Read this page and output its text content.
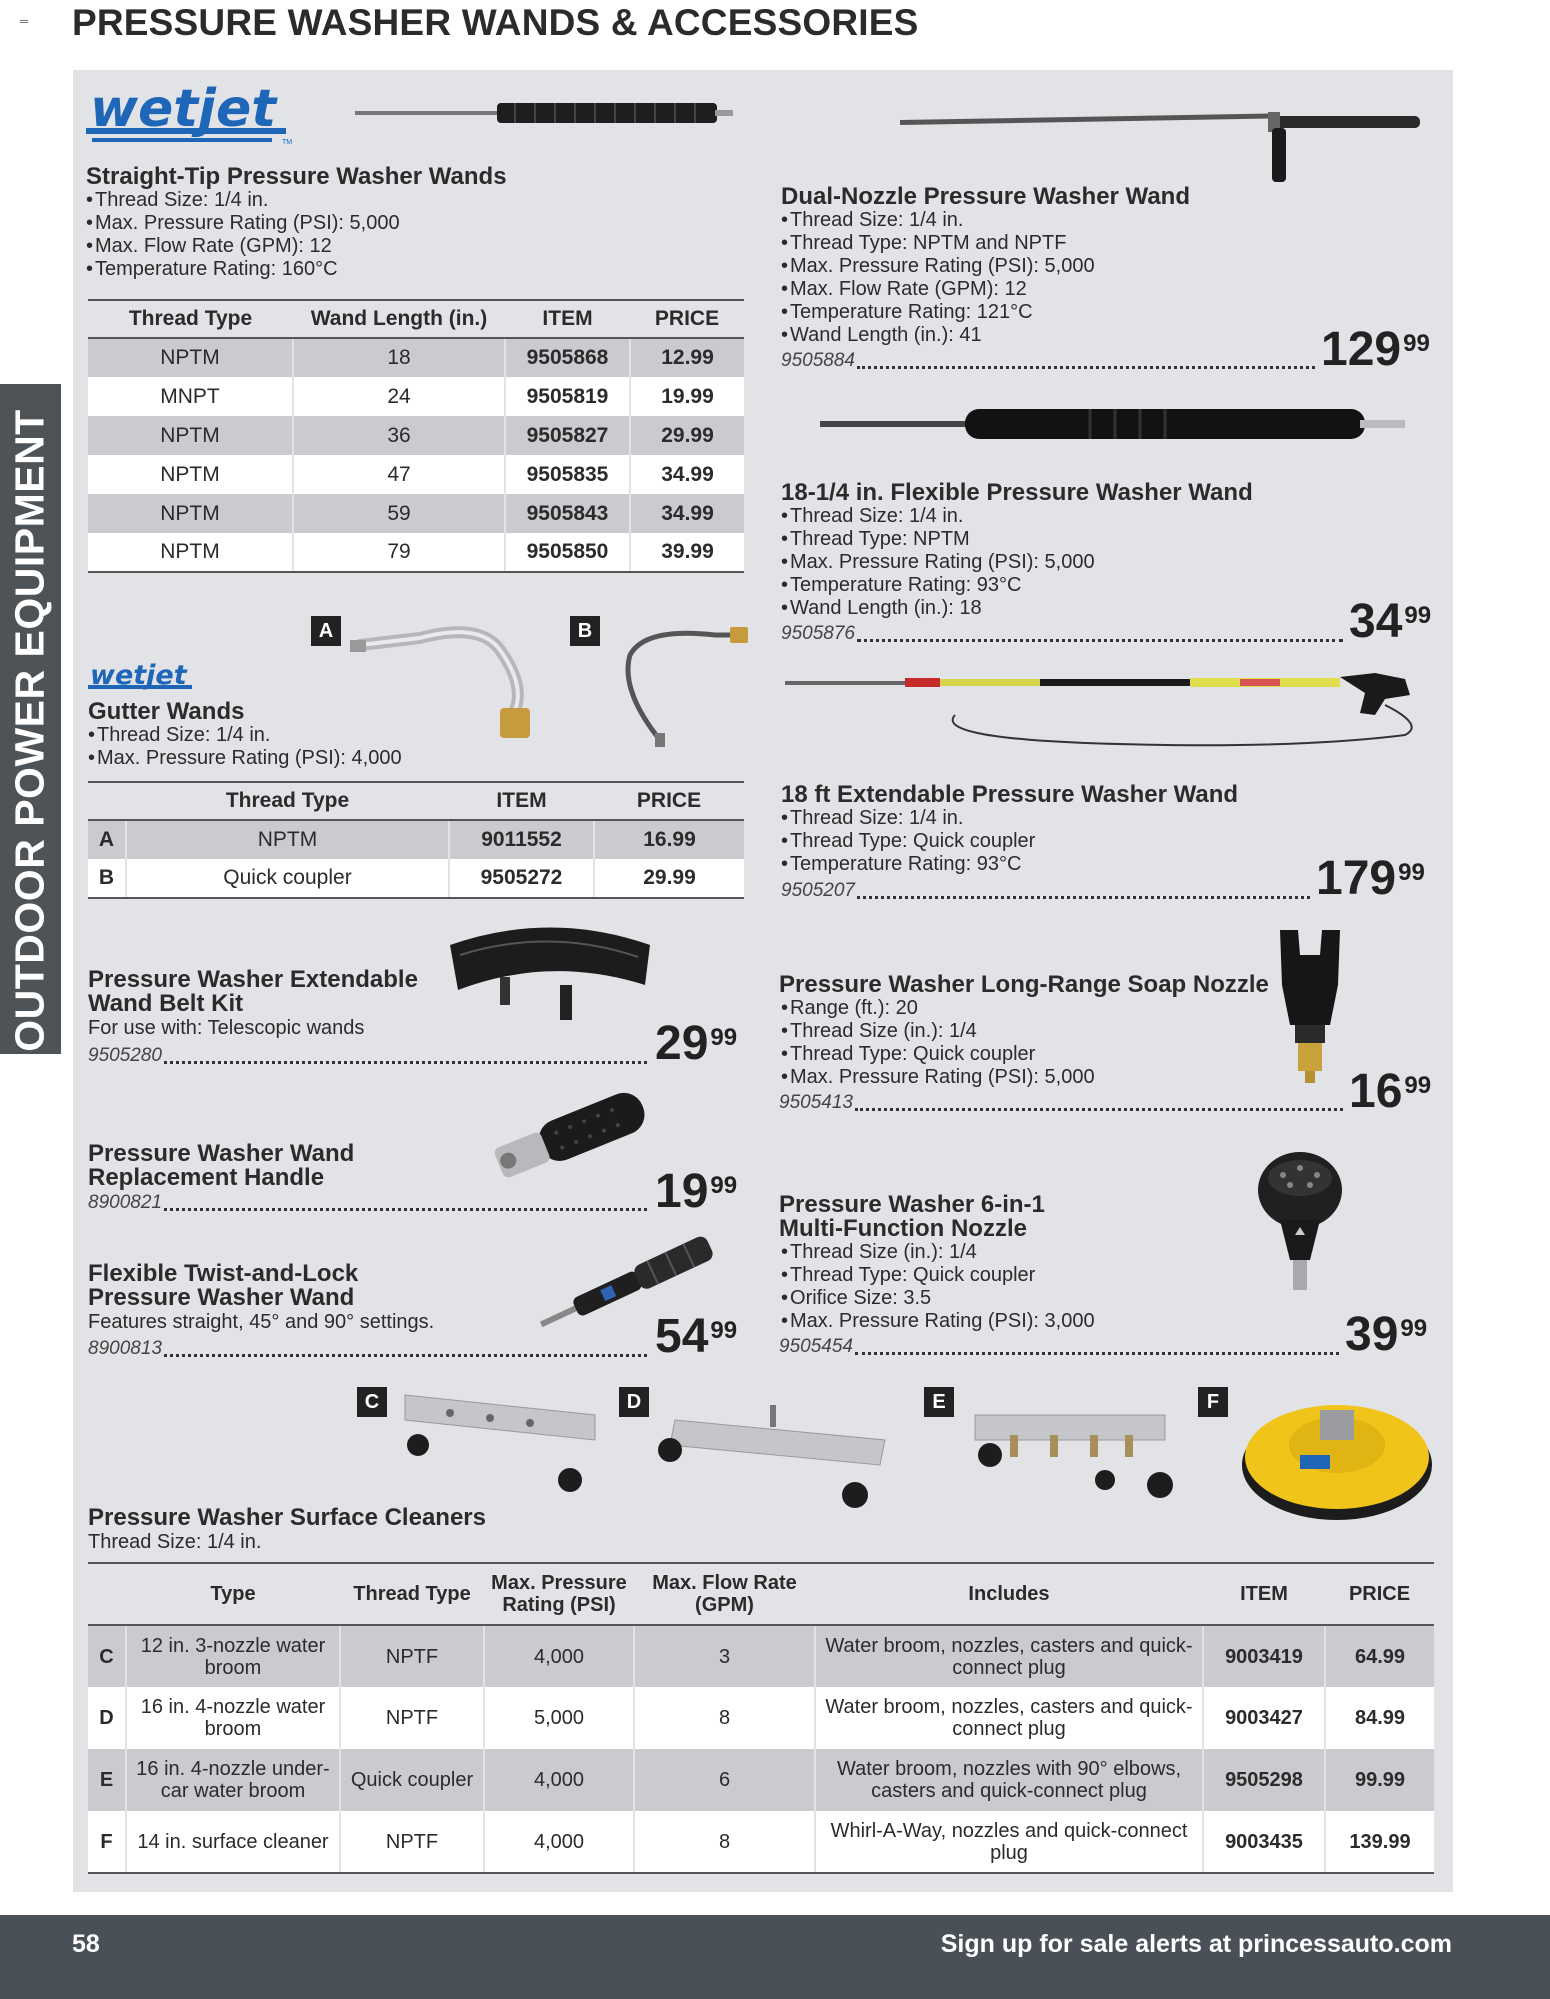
PRESSURE WASHER WANDS & ACCESSORIES
OUTDOOR POWER EQUIPMENT
wetjet
TM
Straight-Tip Pressure Washer Wands
• Thread Size: 1/4 in.
• Max. Pressure Rating (PSI): 5,000
• Max. Flow Rate (GPM): 12
• Temperature Rating: 160°C
Thread Type	Wand Length (in.)	ITEM	PRICE
NPTM	18	9505868	12.99
MNPT	24	9505819	19.99
NPTM	36	9505827	29.99
NPTM	47	9505835	34.99
NPTM	59	9505843	34.99
NPTM	79	9505850	39.99
A	B
wetjet
Gutter Wands
• Thread Size: 1/4 in.
• Max. Pressure Rating (PSI): 4,000
	Thread Type	ITEM	PRICE
A	NPTM	9011552	16.99
B	Quick coupler	9505272	29.99
Pressure Washer Extendable
Wand Belt Kit
For use with: Telescopic wands
9505280	$29^{99}$
Pressure Washer Wand
Replacement Handle
8900821	$19^{99}$
Flexible Twist-and-Lock
Pressure Washer Wand
Features straight, 45° and 90° settings.
8900813	$54^{99}$
Dual-Nozzle Pressure Washer Wand
• Thread Size: 1/4 in.
• Thread Type: NPTM and NPTF
• Max. Pressure Rating (PSI): 5,000
• Max. Flow Rate (GPM): 12
• Temperature Rating: 121°C
• Wand Length (in.): 41
9505884	$129^{99}$
18-1/4 in. Flexible Pressure Washer Wand
• Thread Size: 1/4 in.
• Thread Type: NPTM
• Max. Pressure Rating (PSI): 5,000
• Temperature Rating: 93°C
• Wand Length (in.): 18
9505876	$34^{99}$
18 ft Extendable Pressure Washer Wand
• Thread Size: 1/4 in.
• Thread Type: Quick coupler
• Temperature Rating: 93°C
9505207	$179^{99}$
Pressure Washer Long-Range Soap Nozzle
• Range (ft.): 20
• Thread Size (in.): 1/4
• Thread Type: Quick coupler
• Max. Pressure Rating (PSI): 5,000
9505413	$16^{99}$
Pressure Washer 6-in-1
Multi-Function Nozzle
• Thread Size (in.): 1/4
• Thread Type: Quick coupler
• Orifice Size: 3.5
• Max. Pressure Rating (PSI): 3,000
9505454	$39^{99}$
C	D	E	F
Pressure Washer Surface Cleaners
Thread Size: 1/4 in.
	Type	Thread Type	Max. Pressure Rating (PSI)	Max. Flow Rate (GPM)	Includes	ITEM	PRICE
C	12 in. 3-nozzle water broom	NPTF	4,000	3	Water broom, nozzles, casters and quick-connect plug	9003419	64.99
D	16 in. 4-nozzle water broom	NPTF	5,000	8	Water broom, nozzles, casters and quick-connect plug	9003427	84.99
E	16 in. 4-nozzle under-car water broom	Quick coupler	4,000	6	Water broom, nozzles with 90° elbows, casters and quick-connect plug	9505298	99.99
F	14 in. surface cleaner	NPTF	4,000	8	Whirl-A-Way, nozzles and quick-connect plug	9003435	139.99
58	Sign up for sale alerts at princessauto.com
